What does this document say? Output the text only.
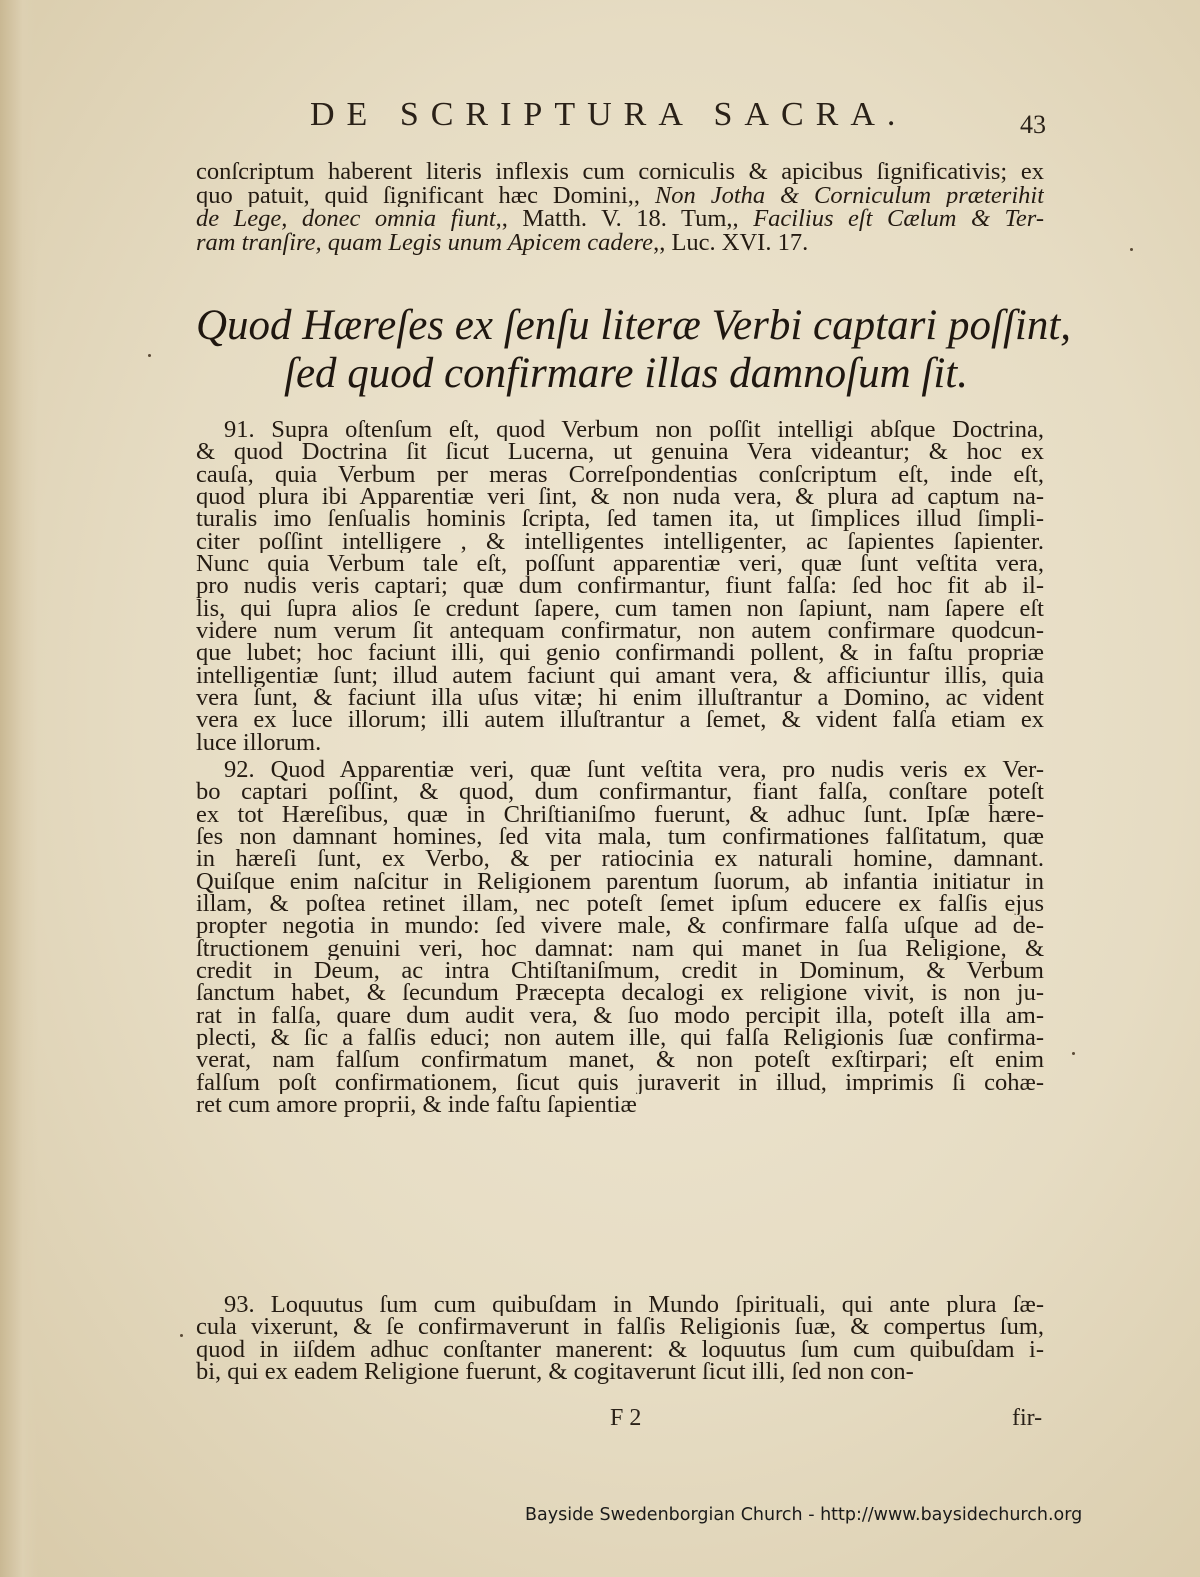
DE SCRIPTURA SACRA.	43
conſcriptum haberent literis inflexis cum corniculis & apicibus ſignificativis; ex
quo patuit, quid ſignificant hæc Domini,, Non Jotha & Corniculum præterihit
de Lege, donec omnia fiunt,, Matth. V. 18. Tum,, Facilius eſt Cælum & Ter-
ram tranſire, quam Legis unum Apicem cadere,, Luc. XVI. 17.
Quod Hæreſes ex ſenſu literæ Verbi captari poſſint,
ſed quod confirmare illas damnoſum ſit.
91. Supra oſtenſum eſt, quod Verbum non poſſit intelligi abſque Doctrina,
& quod Doctrina ſit ſicut Lucerna, ut genuina Vera videantur; & hoc ex
cauſa, quia Verbum per meras Correſpondentias conſcriptum eſt, inde eſt,
quod plura ibi Apparentiæ veri ſint, & non nuda vera, & plura ad captum na-
turalis imo ſenſualis hominis ſcripta, ſed tamen ita, ut ſimplices illud ſimpli-
citer poſſint intelligere , & intelligentes intelligenter, ac ſapientes ſapienter.
Nunc quia Verbum tale eſt, poſſunt apparentiæ veri, quæ ſunt veſtita vera,
pro nudis veris captari; quæ dum confirmantur, fiunt falſa: ſed hoc fit ab il-
lis, qui ſupra alios ſe credunt ſapere, cum tamen non ſapiunt, nam ſapere eſt
videre num verum ſit antequam confirmatur, non autem confirmare quodcun-
que lubet; hoc faciunt illi, qui genio confirmandi pollent, & in faſtu propriæ
intelligentiæ ſunt; illud autem faciunt qui amant vera, & afficiuntur illis, quia
vera ſunt, & faciunt illa uſus vitæ; hi enim illuſtrantur a Domino, ac vident
vera ex luce illorum; illi autem illuſtrantur a ſemet, & vident falſa etiam ex
luce illorum.
92. Quod Apparentiæ veri, quæ ſunt veſtita vera, pro nudis veris ex Ver-
bo captari poſſint, & quod, dum confirmantur, fiant falſa, conſtare poteſt
ex tot Hæreſibus, quæ in Chriſtianiſmo fuerunt, & adhuc ſunt. Ipſæ hære-
ſes non damnant homines, ſed vita mala, tum confirmationes falſitatum, quæ
in hæreſi ſunt, ex Verbo, & per ratiocinia ex naturali homine, damnant.
Quiſque enim naſcitur in Religionem parentum ſuorum, ab infantia initiatur in
illam, & poſtea retinet illam, nec poteſt ſemet ipſum educere ex falſis ejus
propter negotia in mundo: ſed vivere male, & confirmare falſa uſque ad de-
ſtructionem genuini veri, hoc damnat: nam qui manet in ſua Religione, &
credit in Deum, ac intra Chtiſtaniſmum, credit in Dominum, & Verbum
ſanctum habet, & ſecundum Præcepta decalogi ex religione vivit, is non ju-
rat in falſa, quare dum audit vera, & ſuo modo percipit illa, poteſt illa am-
plecti, & ſic a falſis educi; non autem ille, qui falſa Religionis ſuæ confirma-
verat, nam falſum confirmatum manet, & non poteſt exſtirpari; eſt enim
falſum poſt confirmationem, ſicut quis juraverit in illud, imprimis ſi cohæ-
ret cum amore proprii, & inde faſtu ſapientiæ
93. Loquutus ſum cum quibuſdam in Mundo ſpirituali, qui ante plura ſæ-
cula vixerunt, & ſe confirmaverunt in falſis Religionis ſuæ, & compertus ſum,
quod in iiſdem adhuc conſtanter manerent: & loquutus ſum cum quibuſdam i-
bi, qui ex eadem Religione fuerunt, & cogitaverunt ſicut illi, ſed non con-
F 2	fir-
Bayside Swedenborgian Church - http://www.baysidechurch.org
